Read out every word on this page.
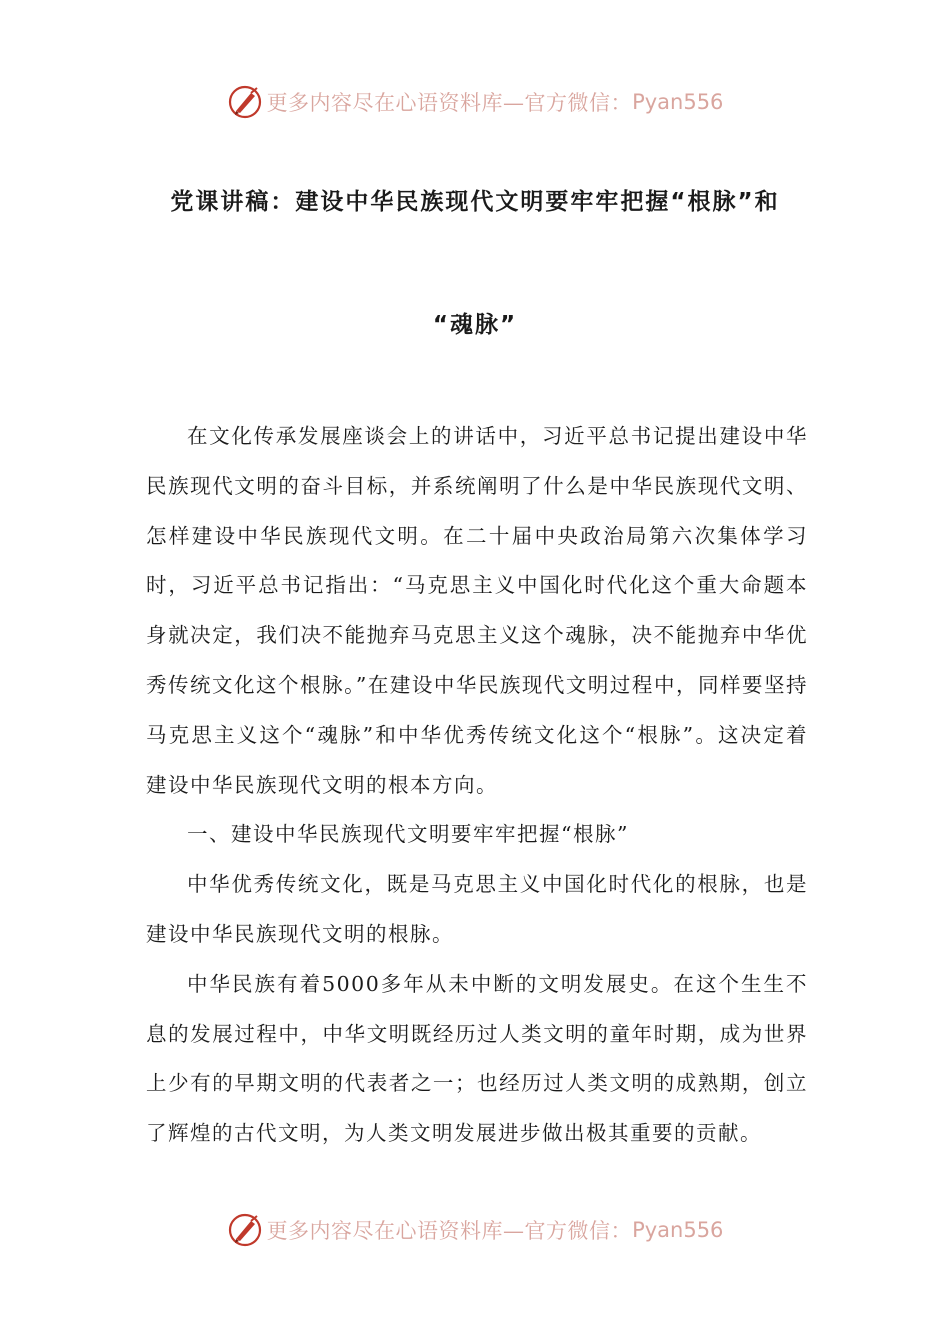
更多内容尽在心语资料库—官方微信： Pyan556
党课讲稿：建设中华民族现代文明要牢牢把握“根脉”和
“魂脉”

在文化传承发展座谈会上的讲话中，习近平总书记提出建设中华民族现代文明的奋斗目标，并系统阐明了什么是中华民族现代文明、怎样建设中华民族现代文明。在二十届中央政治局第六次集体学习时，习近平总书记指出：“马克思主义中国化时代化这个重大命题本身就决定，我们决不能抛弃马克思主义这个魂脉，决不能抛弃中华优秀传统文化这个根脉。”在建设中华民族现代文明过程中，同样要坚持马克思主义这个“魂脉”和中华优秀传统文化这个“根脉”。这决定着建设中华民族现代文明的根本方向。

一、建设中华民族现代文明要牢牢把握“根脉”

中华优秀传统文化，既是马克思主义中国化时代化的根脉，也是建设中华民族现代文明的根脉。

中华民族有着5000多年从未中断的文明发展史。在这个生生不息的发展过程中，中华文明既经历过人类文明的童年时期，成为世界上少有的早期文明的代表者之一；也经历过人类文明的成熟期，创立了辉煌的古代文明，为人类文明发展进步做出极其重要的贡献。

更多内容尽在心语资料库—官方微信： Pyan556
